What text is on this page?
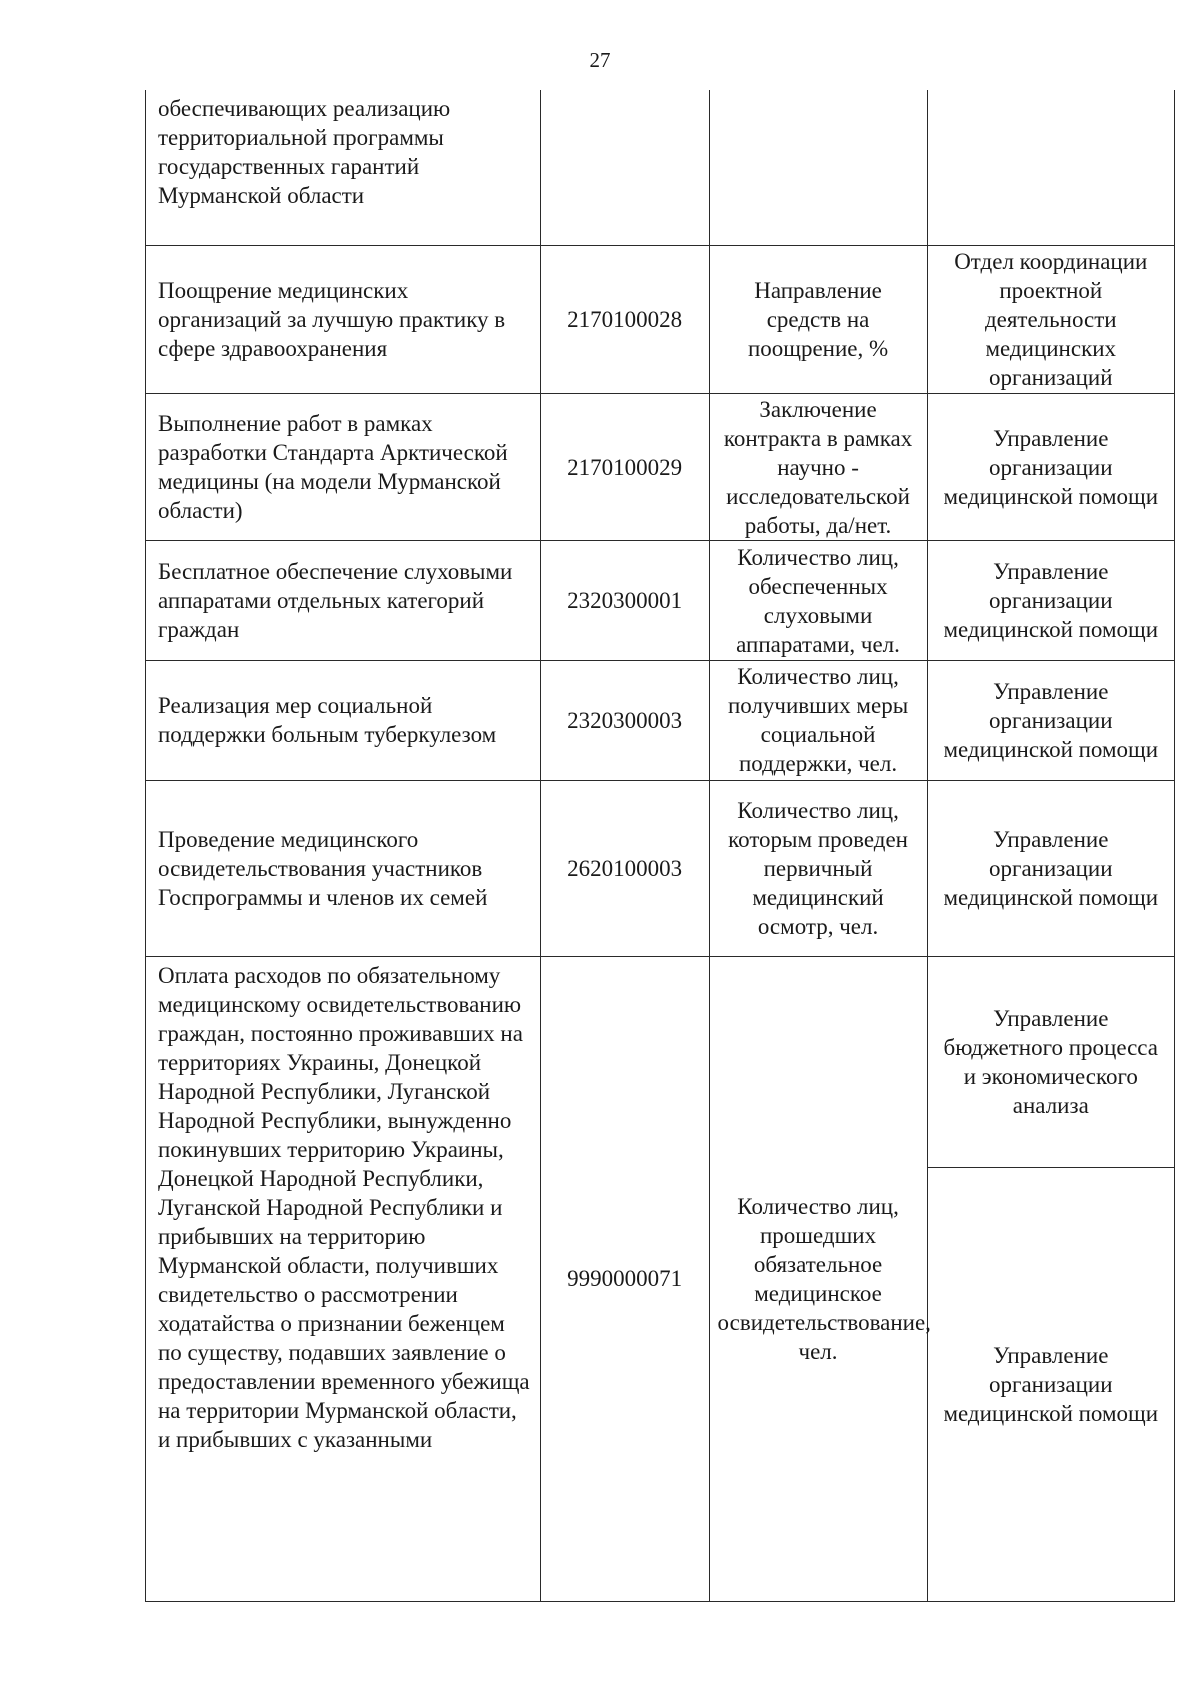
27
обеспечивающих реализацию территориальной программы государственных гарантий Мурманской области			
Поощрение медицинских организаций за лучшую практику в сфере здравоохранения	2170100028	Направление средств на поощрение, %	Отдел координации проектной деятельности медицинских организаций
Выполнение работ в рамках разработки Стандарта Арктической медицины (на модели Мурманской области)	2170100029	Заключение контракта в рамках научно - исследовательской работы, да/нет.	Управление организации медицинской помощи
Бесплатное обеспечение слуховыми аппаратами отдельных категорий граждан	2320300001	Количество лиц, обеспеченных слуховыми аппаратами, чел.	Управление организации медицинской помощи
Реализация мер социальной поддержки больным туберкулезом	2320300003	Количество лиц, получивших меры социальной поддержки, чел.	Управление организации медицинской помощи
Проведение медицинского освидетельствования участников Госпрограммы и членов их семей	2620100003	Количество лиц, которым проведен первичный медицинский осмотр, чел.	Управление организации медицинской помощи
Оплата расходов по обязательному медицинскому освидетельствованию граждан, постоянно проживавших на территориях Украины, Донецкой Народной Республики, Луганской Народной Республики, вынужденно покинувших территорию Украины, Донецкой Народной Республики, Луганской Народной Республики и прибывших на территорию Мурманской области, получивших свидетельство о рассмотрении ходатайства о признании беженцем по существу, подавших заявление о предоставлении временного убежища на территории Мурманской области, и прибывших с указанными	9990000071	Количество лиц, прошедших обязательное медицинское освидетельствование, чел.	Управление бюджетного процесса и экономического анализа
			Управление организации медицинской помощи
